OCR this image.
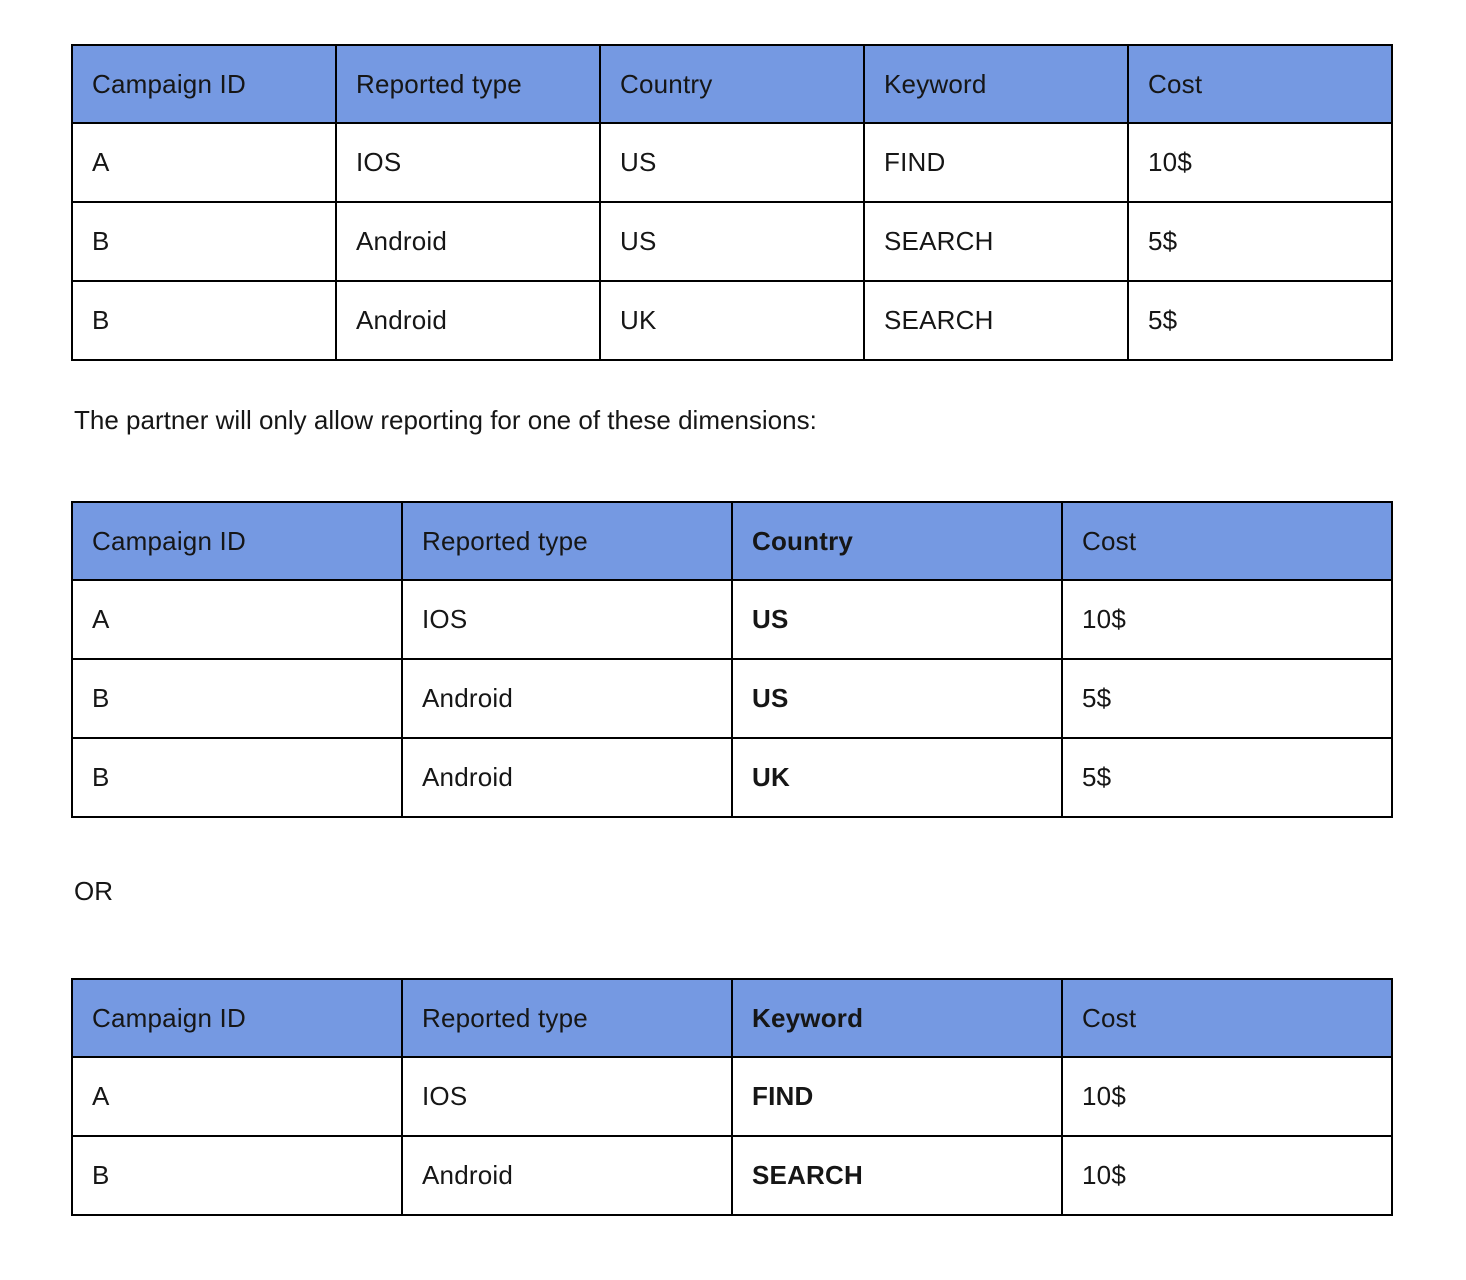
Campaign ID	Reported type	Country	Keyword	Cost
A	IOS	US	FIND	10$
B	Android	US	SEARCH	5$
B	Android	UK	SEARCH	5$

The partner will only allow reporting for one of these dimensions:

Campaign ID	Reported type	Country	Cost
A	IOS	US	10$
B	Android	US	5$
B	Android	UK	5$

OR

Campaign ID	Reported type	Keyword	Cost
A	IOS	FIND	10$
B	Android	SEARCH	10$
